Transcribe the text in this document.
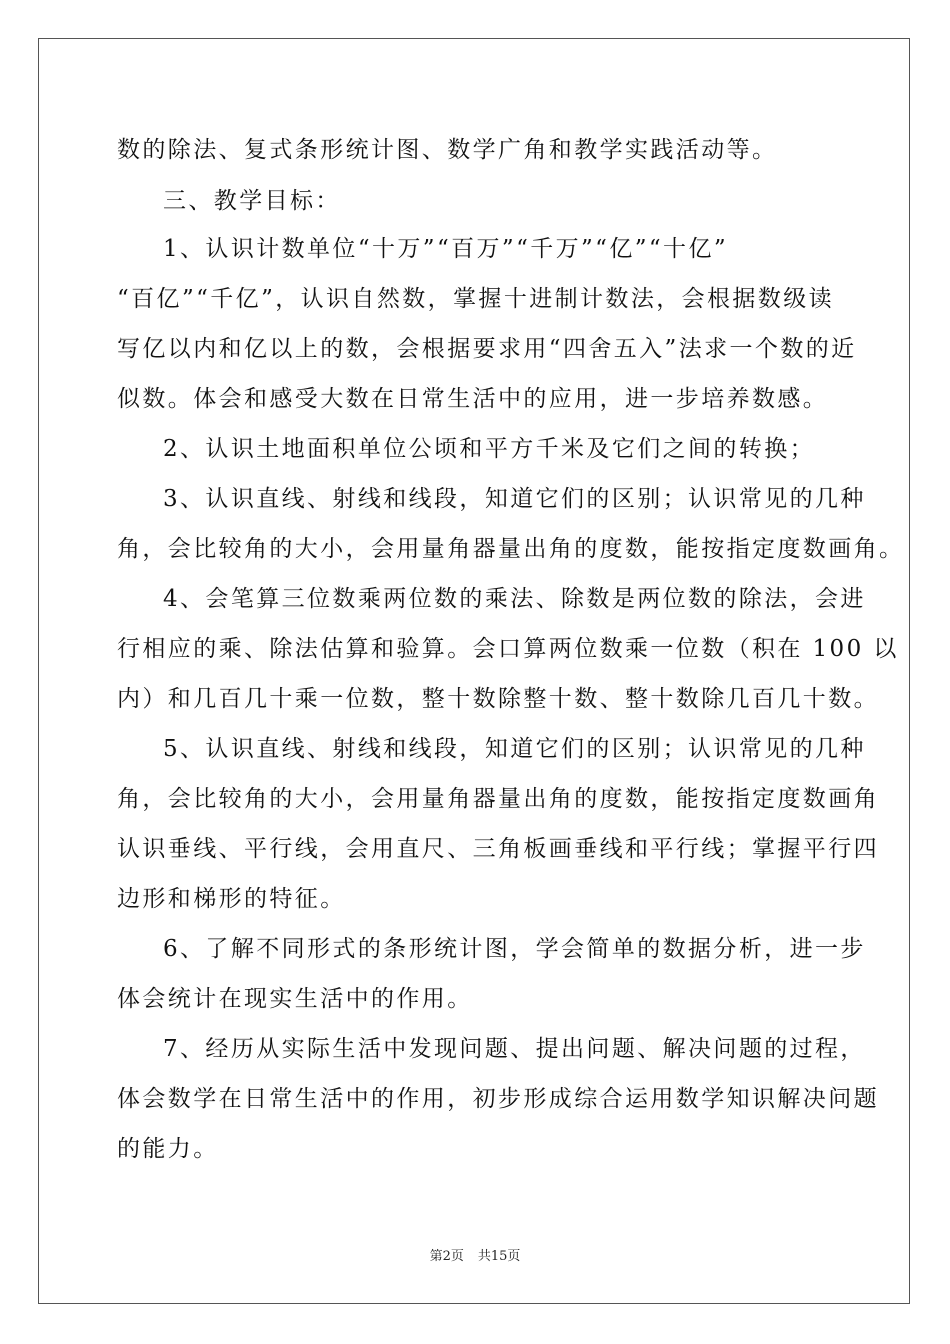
数的除法、复式条形统计图、数学广角和教学实践活动等。
三、教学目标：
1、认识计数单位“十万”“百万”“千万”“亿”“十亿”
“百亿”“千亿”，认识自然数，掌握十进制计数法，会根据数级读
写亿以内和亿以上的数，会根据要求用“四舍五入”法求一个数的近
似数。体会和感受大数在日常生活中的应用，进一步培养数感。
2、认识土地面积单位公顷和平方千米及它们之间的转换；
3、认识直线、射线和线段，知道它们的区别；认识常见的几种
角，会比较角的大小，会用量角器量出角的度数，能按指定度数画角。
4、会笔算三位数乘两位数的乘法、除数是两位数的除法，会进
行相应的乘、除法估算和验算。会口算两位数乘一位数（积在 100 以
内）和几百几十乘一位数，整十数除整十数、整十数除几百几十数。
5、认识直线、射线和线段，知道它们的区别；认识常见的几种
角，会比较角的大小，会用量角器量出角的度数，能按指定度数画角
认识垂线、平行线，会用直尺、三角板画垂线和平行线；掌握平行四
边形和梯形的特征。
6、了解不同形式的条形统计图，学会简单的数据分析，进一步
体会统计在现实生活中的作用。
7、经历从实际生活中发现问题、提出问题、解决问题的过程，
体会数学在日常生活中的作用，初步形成综合运用数学知识解决问题
的能力。
第2页 共15页
